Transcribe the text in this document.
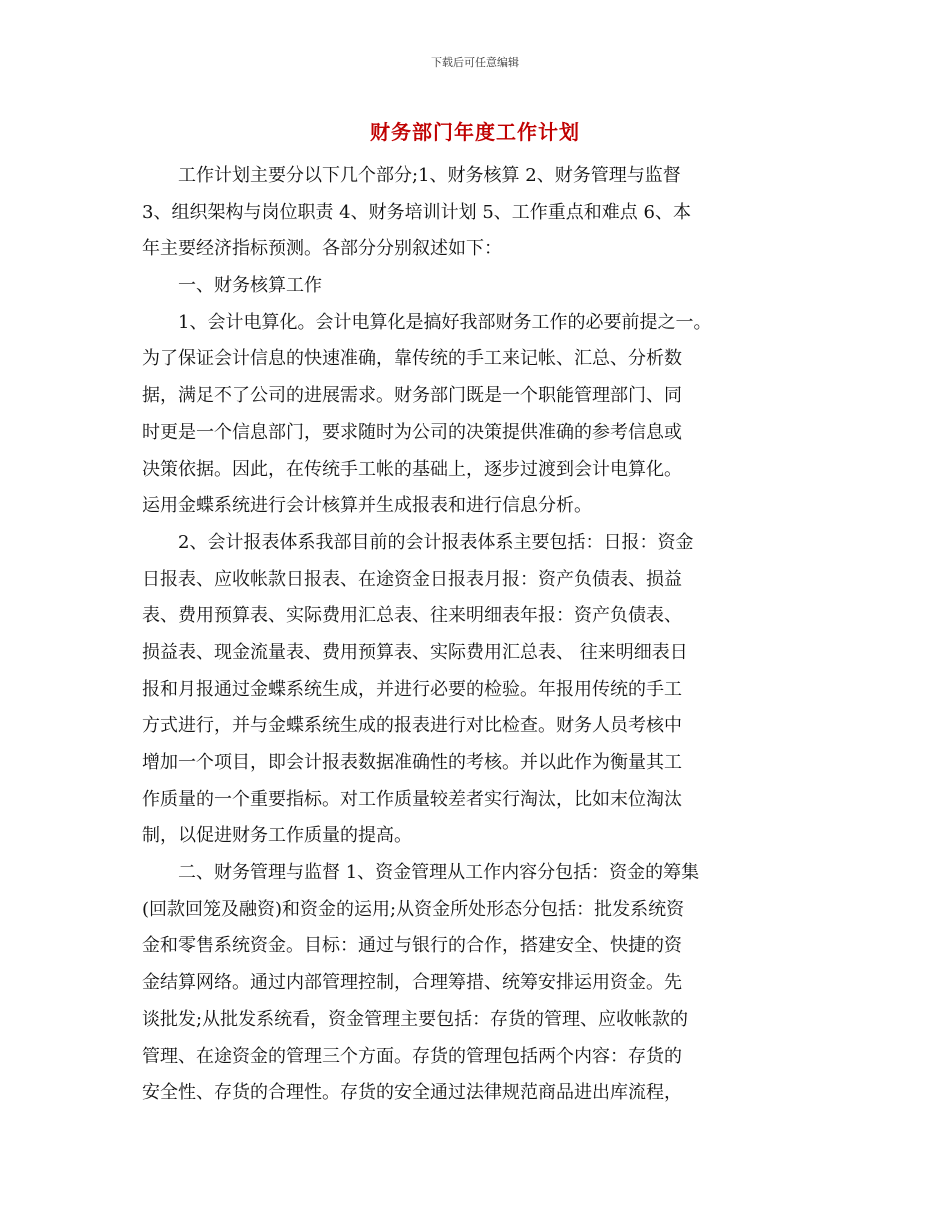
下载后可任意编辑
财务部门年度工作计划
　　工作计划主要分以下几个部分;1、财务核算 2、财务管理与监督
3、组织架构与岗位职责 4、财务培训计划 5、工作重点和难点 6、本
年主要经济指标预测。各部分分别叙述如下：
　　一、财务核算工作
　　1、会计电算化。会计电算化是搞好我部财务工作的必要前提之一。
为了保证会计信息的快速准确，靠传统的手工来记帐、汇总、分析数
据，满足不了公司的进展需求。财务部门既是一个职能管理部门、同
时更是一个信息部门，要求随时为公司的决策提供准确的参考信息或
决策依据。因此，在传统手工帐的基础上，逐步过渡到会计电算化。
运用金蝶系统进行会计核算并生成报表和进行信息分析。
　　2、会计报表体系我部目前的会计报表体系主要包括：日报：资金
日报表、应收帐款日报表、在途资金日报表月报：资产负债表、损益
表、费用预算表、实际费用汇总表、往来明细表年报：资产负债表、
损益表、现金流量表、费用预算表、实际费用汇总表、 往来明细表日
报和月报通过金蝶系统生成，并进行必要的检验。年报用传统的手工
方式进行，并与金蝶系统生成的报表进行对比检查。财务人员考核中
增加一个项目，即会计报表数据准确性的考核。并以此作为衡量其工
作质量的一个重要指标。对工作质量较差者实行淘汰，比如末位淘汰
制，以促进财务工作质量的提高。
　　二、财务管理与监督 1、资金管理从工作内容分包括：资金的筹集
(回款回笼及融资)和资金的运用;从资金所处形态分包括：批发系统资
金和零售系统资金。目标：通过与银行的合作，搭建安全、快捷的资
金结算网络。通过内部管理控制，合理筹措、统筹安排运用资金。先
谈批发;从批发系统看，资金管理主要包括：存货的管理、应收帐款的
管理、在途资金的管理三个方面。存货的管理包括两个内容：存货的
安全性、存货的合理性。存货的安全通过法律规范商品进出库流程，
